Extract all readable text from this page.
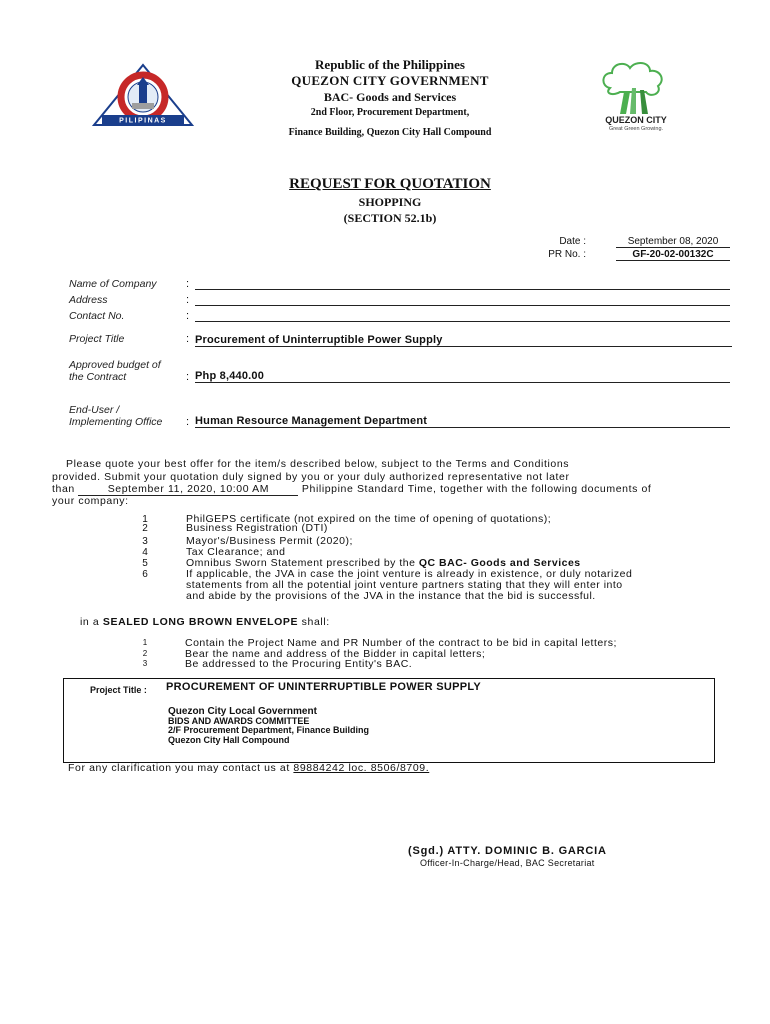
PILIPINAS
Republic of the Philippines
QUEZON CITY GOVERNMENT
BAC- Goods and Services
2nd Floor, Procurement Department,
Finance Building, Quezon City Hall Compound
QUEZON CITY
Great Green Growing.
REQUEST FOR QUOTATION
SHOPPING
(SECTION 52.1b)
Date :	September 08, 2020
PR No. :	GF-20-02-00132C
Name of Company	:
Address	:
Contact No.	:
Project Title	: Procurement of Uninterruptible Power Supply
Approved budget of
the Contract	: Php 8,440.00
End-User /
Implementing Office : Human Resource Management Department
Please quote your best offer for the item/s described below, subject to the Terms and Conditions
provided. Submit your quotation duly signed by you or your duly authorized representative not later
than	September 11, 2020, 10:00 AM	Philippine Standard Time, together with the following documents of
your company:
1	PhilGEPS certificate (not expired on the time of opening of quotations);
2	Business Registration (DTI)
3	Mayor's/Business Permit (2020);
4	Tax Clearance; and
5	Omnibus Sworn Statement prescribed by the QC BAC- Goods and Services
6	If applicable, the JVA in case the joint venture is already in existence, or duly notarized
statements from all the potential joint venture partners stating that they will enter into
and abide by the provisions of the JVA in the instance that the bid is successful.
in a SEALED LONG BROWN ENVELOPE shall:
1	Contain the Project Name and PR Number of the contract to be bid in capital letters;
2	Bear the name and address of the Bidder in capital letters;
3	Be addressed to the Procuring Entity's BAC.
Project Title : PROCUREMENT OF UNINTERRUPTIBLE POWER SUPPLY
Quezon City Local Government
BIDS AND AWARDS COMMITTEE
2/F Procurement Department, Finance Building
Quezon City Hall Compound
For any clarification you may contact us at 89884242 loc. 8506/8709.
(Sgd.) ATTY. DOMINIC B. GARCIA
Officer-In-Charge/Head, BAC Secretariat
